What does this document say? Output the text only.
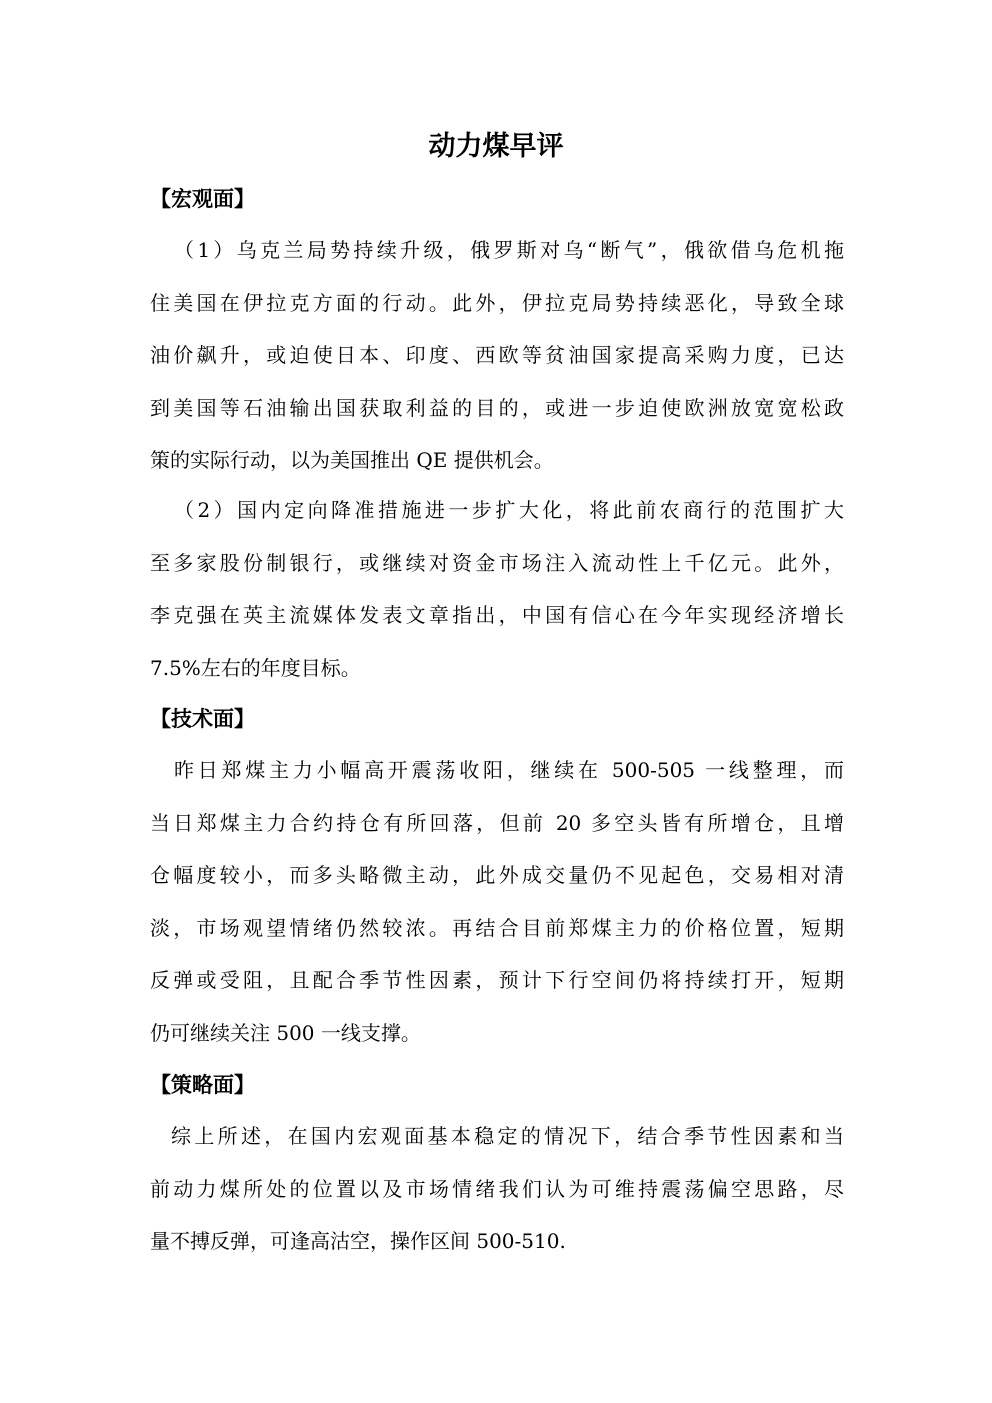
动力煤早评
【宏观面】
（1）乌克兰局势持续升级，俄罗斯对乌“断气”，俄欲借乌危机拖
住美国在伊拉克方面的行动。此外，伊拉克局势持续恶化，导致全球
油价飙升，或迫使日本、印度、西欧等贫油国家提高采购力度，已达
到美国等石油输出国获取利益的目的，或进一步迫使欧洲放宽宽松政
策的实际行动，以为美国推出 QE 提供机会。
（2）国内定向降准措施进一步扩大化，将此前农商行的范围扩大
至多家股份制银行，或继续对资金市场注入流动性上千亿元。此外，
李克强在英主流媒体发表文章指出，中国有信心在今年实现经济增长
7.5%左右的年度目标。
【技术面】
昨日郑煤主力小幅高开震荡收阳，继续在 500-505 一线整理，而
当日郑煤主力合约持仓有所回落，但前 20 多空头皆有所增仓，且增
仓幅度较小，而多头略微主动，此外成交量仍不见起色，交易相对清
淡，市场观望情绪仍然较浓。再结合目前郑煤主力的价格位置，短期
反弹或受阻，且配合季节性因素，预计下行空间仍将持续打开，短期
仍可继续关注 500 一线支撑。
【策略面】
综上所述，在国内宏观面基本稳定的情况下，结合季节性因素和当
前动力煤所处的位置以及市场情绪我们认为可维持震荡偏空思路，尽
量不搏反弹，可逢高沽空，操作区间 500-510.
